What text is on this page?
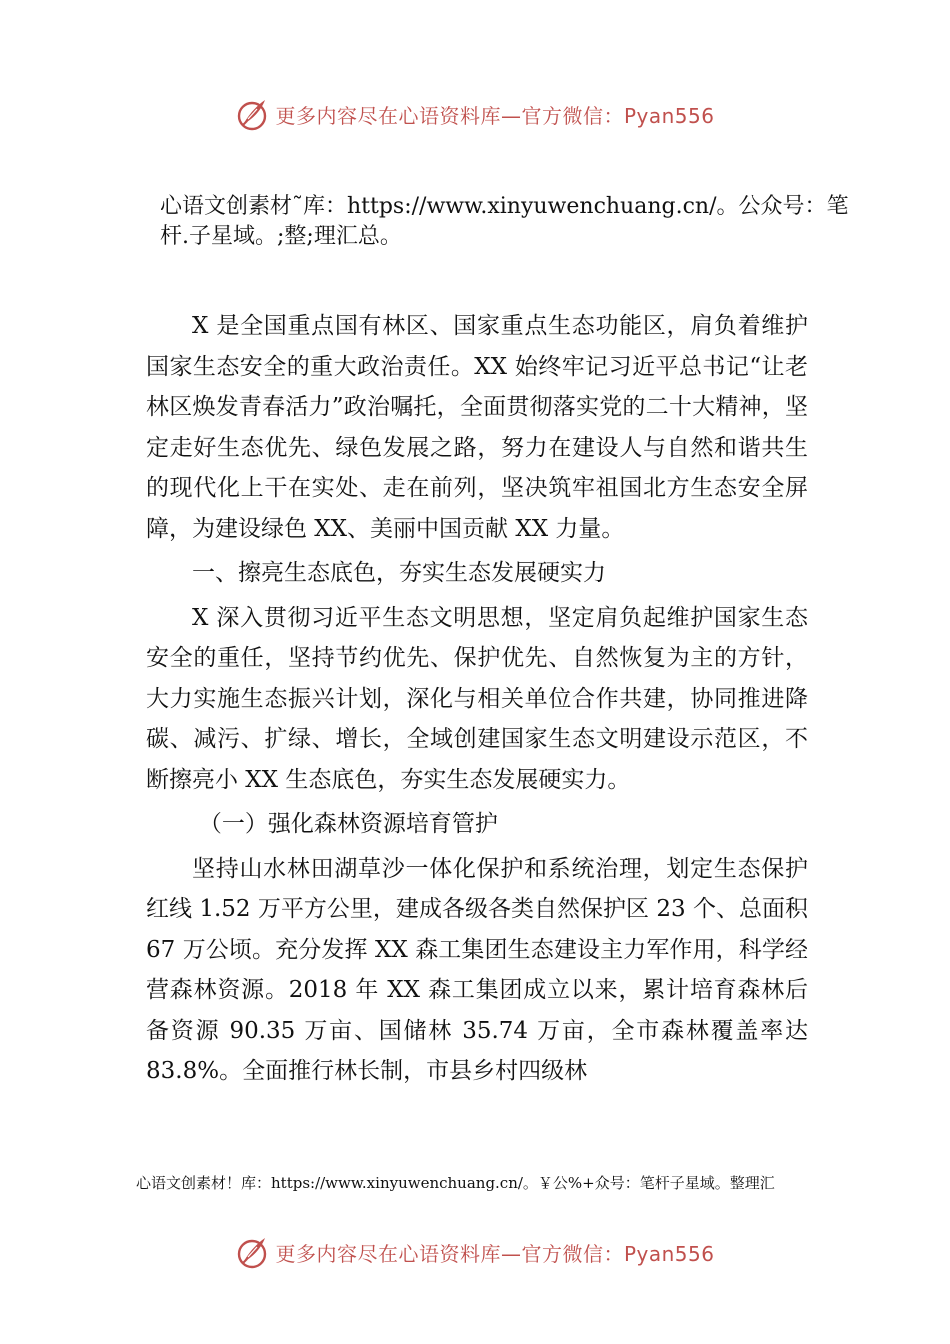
更多内容尽在心语资料库—官方微信：Pyan556
心语文创素材˜库：https://www.xinyuwenchuang.cn/。公众号：笔杆.子星域。;整;理汇总。

X 是全国重点国有林区、国家重点生态功能区，肩负着维护国家生态安全的重大政治责任。XX 始终牢记习近平总书记“让老林区焕发青春活力”政治嘱托，全面贯彻落实党的二十大精神，坚定走好生态优先、绿色发展之路，努力在建设人与自然和谐共生的现代化上干在实处、走在前列，坚决筑牢祖国北方生态安全屏障，为建设绿色 XX、美丽中国贡献 XX 力量。

一、擦亮生态底色，夯实生态发展硬实力

X 深入贯彻习近平生态文明思想，坚定肩负起维护国家生态安全的重任，坚持节约优先、保护优先、自然恢复为主的方针，大力实施生态振兴计划，深化与相关单位合作共建，协同推进降碳、减污、扩绿、增长，全域创建国家生态文明建设示范区，不断擦亮小 XX 生态底色，夯实生态发展硬实力。

（一）强化森林资源培育管护

坚持山水林田湖草沙一体化保护和系统治理，划定生态保护红线 1.52 万平方公里，建成各级各类自然保护区 23 个、总面积 67 万公顷。充分发挥 XX 森工集团生态建设主力军作用，科学经营森林资源。2018 年 XX 森工集团成立以来，累计培育森林后备资源 90.35 万亩、国储林 35.74 万亩，全市森林覆盖率达 83.8%。全面推行林长制，市县乡村四级林

心语文创素材！库：https://www.xinyuwenchuang.cn/。￥公%+众号：笔杆子星域。整理汇
更多内容尽在心语资料库—官方微信：Pyan556
